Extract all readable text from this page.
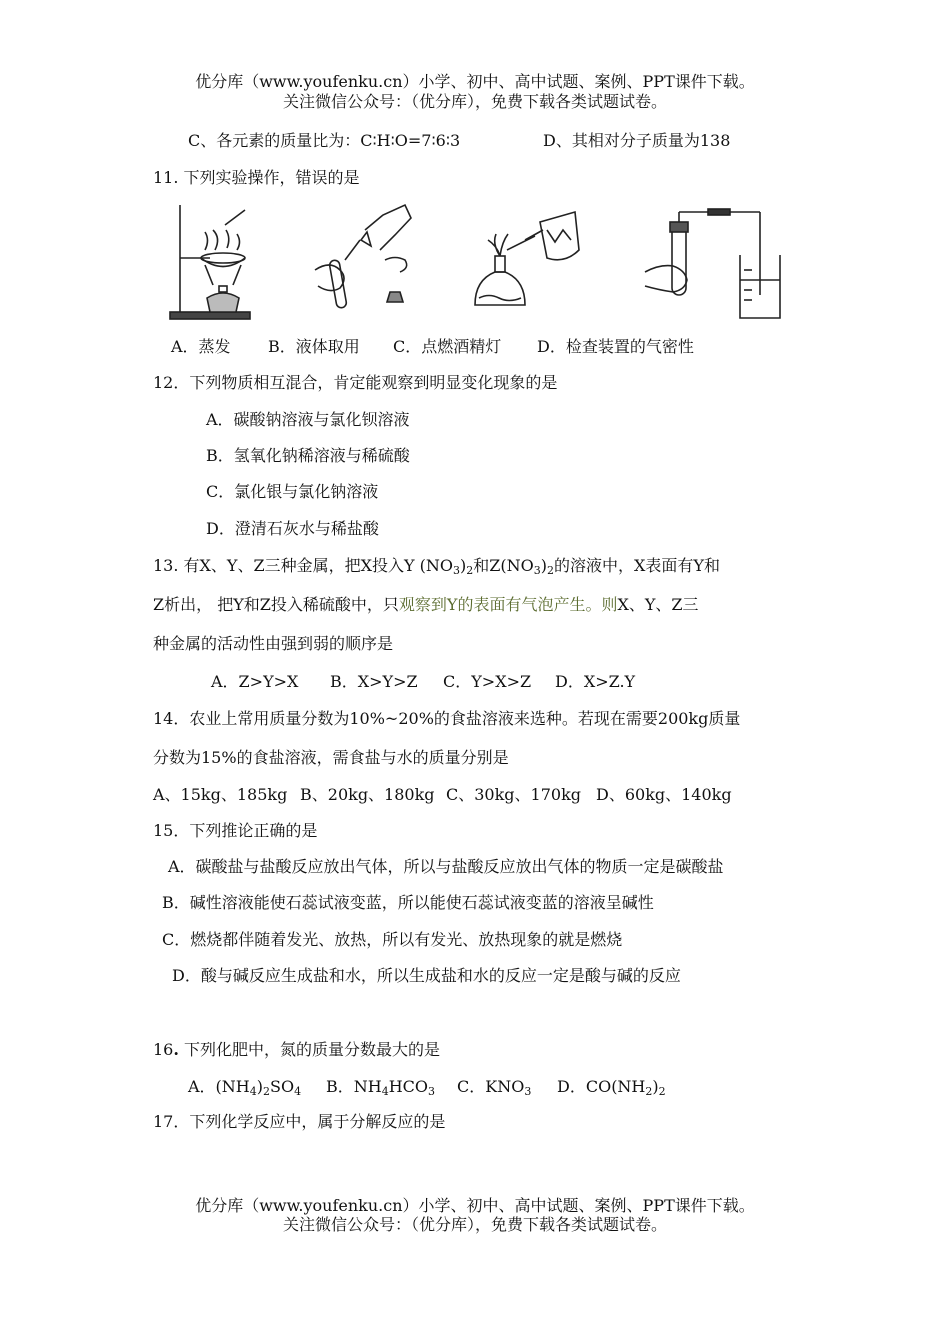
优分库（www.youfenku.cn）小学、初中、高中试题、案例、PPT课件下载。
关注微信公众号：（优分库），免费下载各类试题试卷。
C、各元素的质量比为：C∶H∶O=7∶6∶3	D、其相对分子质量为138
11. 下列实验操作，错误的是
A．蒸发 B．液体取用 C．点燃酒精灯 D．检查装置的气密性
12．下列物质相互混合，肯定能观察到明显变化现象的是
A．碳酸钠溶液与氯化钡溶液
B．氢氧化钠稀溶液与稀硫酸
C．氯化银与氯化钠溶液
D．澄清石灰水与稀盐酸
13. 有X、Y、Z三种金属，把X投入Y $(NO_3)_2$和$Z(NO_3)_2$的溶液中，X表面有Y和
Z析出， 把Y和Z投入稀硫酸中，只观察到Y的表面有气泡产生。则X、Y、Z三
种金属的活动性由强到弱的顺序是
A．Z>Y>X B．X>Y>Z C．Y>X>Z D．X>Z.Y
14．农业上常用质量分数为10%~20%的食盐溶液来选种。若现在需要200kg质量
分数为15%的食盐溶液，需食盐与水的质量分别是
A、15kg、185kg B、20kg、180kg C、30kg、170kg D、60kg、140kg
15．下列推论正确的是
A．碳酸盐与盐酸反应放出气体，所以与盐酸反应放出气体的物质一定是碳酸盐
B．碱性溶液能使石蕊试液变蓝，所以能使石蕊试液变蓝的溶液呈碱性
C．燃烧都伴随着发光、放热，所以有发光、放热现象的就是燃烧
D．酸与碱反应生成盐和水，所以生成盐和水的反应一定是酸与碱的反应
16. 下列化肥中，氮的质量分数最大的是
A．$(NH_4)_2SO_4$ B．$NH_4HCO_3$ C．$KNO_3$ D．$CO(NH_2)_2$
17．下列化学反应中，属于分解反应的是
优分库（www.youfenku.cn）小学、初中、高中试题、案例、PPT课件下载。
关注微信公众号：（优分库），免费下载各类试题试卷。
